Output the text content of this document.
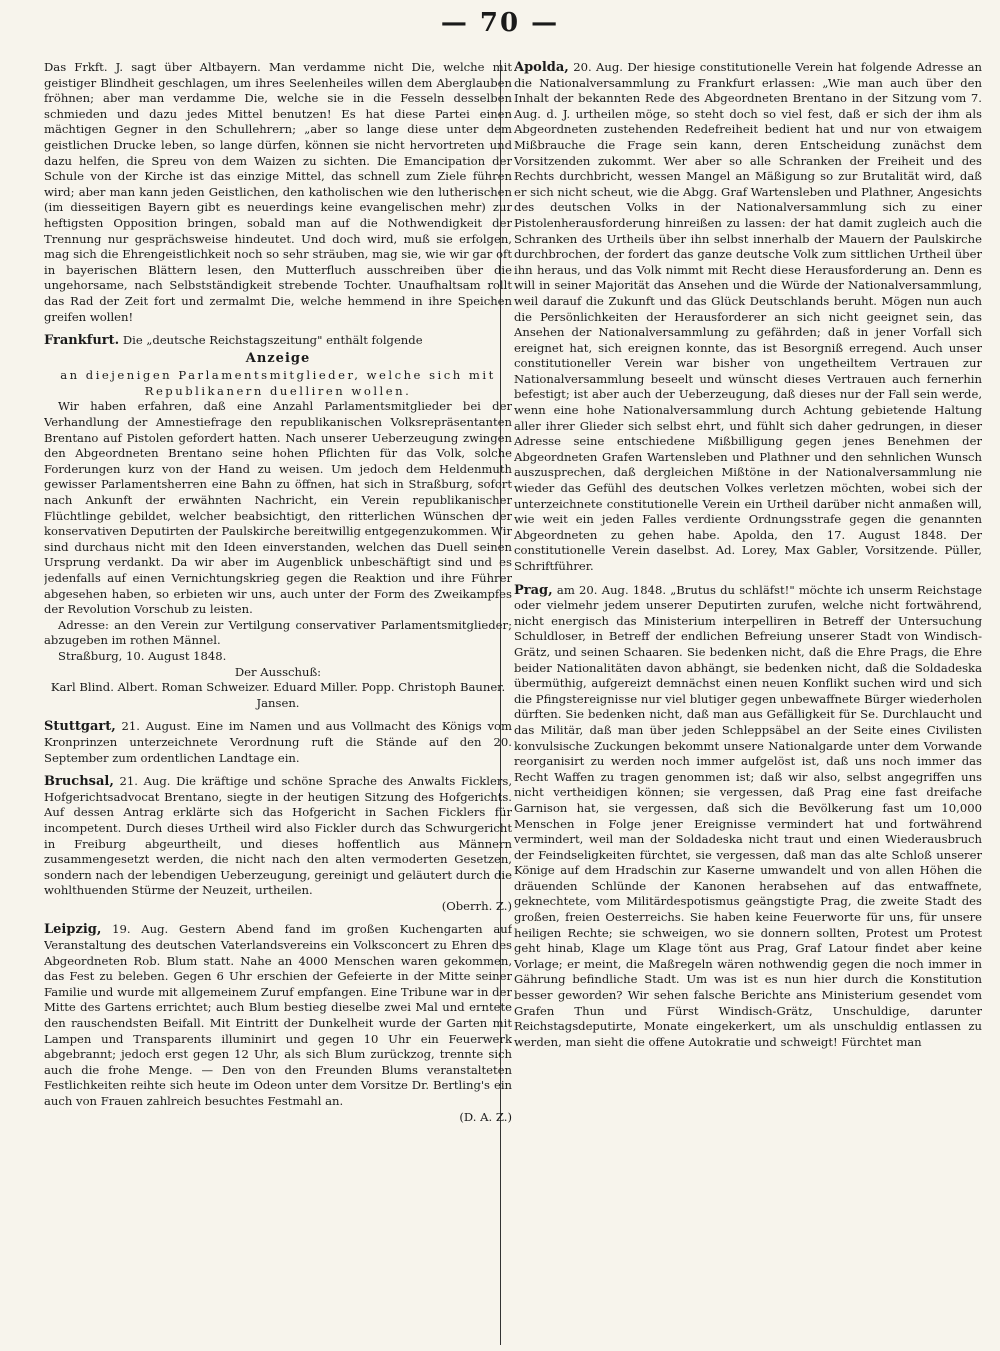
— 70 —

Das Frkft. J. sagt über Altbayern. Man verdamme nicht Die, welche mit geistiger Blindheit geschlagen, um ihres Seelenheiles willen dem Aberglauben fröhnen; aber man verdamme Die, welche sie in die Fesseln desselben schmieden und dazu jedes Mittel benutzen! Es hat diese Partei einen mächtigen Gegner in den Schullehrern; „aber so lange diese unter dem geistlichen Drucke leben, so lange dürfen, können sie nicht hervortreten und dazu helfen, die Spreu von dem Waizen zu sichten. Die Emancipation der Schule von der Kirche ist das einzige Mittel, das schnell zum Ziele führen wird; aber man kann jeden Geistlichen, den katholischen wie den lutherischen (im diesseitigen Bayern gibt es neuerdings keine evangelischen mehr) zur heftigsten Opposition bringen, sobald man auf die Nothwendigkeit der Trennung nur gesprächsweise hindeutet. Und doch wird, muß sie erfolgen, mag sich die Ehrengeistlichkeit noch so sehr sträuben, mag sie, wie wir gar oft in bayerischen Blättern lesen, den Mutterfluch ausschreiben über die ungehorsame, nach Selbstständigkeit strebende Tochter. Unaufhaltsam rollt das Rad der Zeit fort und zermalmt Die, welche hemmend in ihre Speichen greifen wollen!

Frankfurt. Die „deutsche Reichstagszeitung" enthält folgende

Anzeige

an diejenigen Parlamentsmitglieder, welche sich mit Republikanern duelliren wollen.

Wir haben erfahren, daß eine Anzahl Parlamentsmitglieder bei der Verhandlung der Amnestiefrage den republikanischen Volksrepräsentanten Brentano auf Pistolen gefordert hatten. Nach unserer Ueberzeugung zwingen den Abgeordneten Brentano seine hohen Pflichten für das Volk, solche Forderungen kurz von der Hand zu weisen. Um jedoch dem Heldenmuth gewisser Parlamentsherren eine Bahn zu öffnen, hat sich in Straßburg, sofort nach Ankunft der erwähnten Nachricht, ein Verein republikanischer Flüchtlinge gebildet, welcher beabsichtigt, den ritterlichen Wünschen der konservativen Deputirten der Paulskirche bereitwillig entgegenzukommen. Wir sind durchaus nicht mit den Ideen einverstanden, welchen das Duell seinen Ursprung verdankt. Da wir aber im Augenblick unbeschäftigt sind und es jedenfalls auf einen Vernichtungskrieg gegen die Reaktion und ihre Führer abgesehen haben, so erbieten wir uns, auch unter der Form des Zweikampfes der Revolution Vorschub zu leisten.

Adresse: an den Verein zur Vertilgung conservativer Parlamentsmitglieder; abzugeben im rothen Männel.

Straßburg, 10. August 1848.

Der Ausschuß:

Karl Blind. Albert. Roman Schweizer. Eduard Miller. Popp. Christoph Bauner. Jansen.

Stuttgart, 21. August. Eine im Namen und aus Vollmacht des Königs vom Kronprinzen unterzeichnete Verordnung ruft die Stände auf den 20. September zum ordentlichen Landtage ein.

Bruchsal, 21. Aug. Die kräftige und schöne Sprache des Anwalts Ficklers, Hofgerichtsadvocat Brentano, siegte in der heutigen Sitzung des Hofgerichts. Auf dessen Antrag erklärte sich das Hofgericht in Sachen Ficklers für incompetent. Durch dieses Urtheil wird also Fickler durch das Schwurgericht in Freiburg abgeurtheilt, und dieses hoffentlich aus Männern zusammengesetzt werden, die nicht nach den alten vermoderten Gesetzen, sondern nach der lebendigen Ueberzeugung, gereinigt und geläutert durch die wohlthuenden Stürme der Neuzeit, urtheilen.

(Oberrh. Z.)

Leipzig, 19. Aug. Gestern Abend fand im großen Kuchengarten auf Veranstaltung des deutschen Vaterlandsvereins ein Volksconcert zu Ehren des Abgeordneten Rob. Blum statt. Nahe an 4000 Menschen waren gekommen, das Fest zu beleben. Gegen 6 Uhr erschien der Gefeierte in der Mitte seiner Familie und wurde mit allgemeinem Zuruf empfangen. Eine Tribune war in der Mitte des Gartens errichtet; auch Blum bestieg dieselbe zwei Mal und erntete den rauschendsten Beifall. Mit Eintritt der Dunkelheit wurde der Garten mit Lampen und Transparents illuminirt und gegen 10 Uhr ein Feuerwerk abgebrannt; jedoch erst gegen 12 Uhr, als sich Blum zurückzog, trennte sich auch die frohe Menge. — Den von den Freunden Blums veranstalteten Festlichkeiten reihte sich heute im Odeon unter dem Vorsitze Dr. Bertling's ein auch von Frauen zahlreich besuchtes Festmahl an.

(D. A. Z.)

Apolda, 20. Aug. Der hiesige constitutionelle Verein hat folgende Adresse an die Nationalversammlung zu Frankfurt erlassen: „Wie man auch über den Inhalt der bekannten Rede des Abgeordneten Brentano in der Sitzung vom 7. Aug. d. J. urtheilen möge, so steht doch so viel fest, daß er sich der ihm als Abgeordneten zustehenden Redefreiheit bedient hat und nur von etwaigem Mißbrauche die Frage sein kann, deren Entscheidung zunächst dem Vorsitzenden zukommt. Wer aber so alle Schranken der Freiheit und des Rechts durchbricht, wessen Mangel an Mäßigung so zur Brutalität wird, daß er sich nicht scheut, wie die Abgg. Graf Wartensleben und Plathner, Angesichts des deutschen Volks in der Nationalversammlung sich zu einer Pistolenherausforderung hinreißen zu lassen: der hat damit zugleich auch die Schranken des Urtheils über ihn selbst innerhalb der Mauern der Paulskirche durchbrochen, der fordert das ganze deutsche Volk zum sittlichen Urtheil über ihn heraus, und das Volk nimmt mit Recht diese Herausforderung an. Denn es will in seiner Majorität das Ansehen und die Würde der Nationalversammlung, weil darauf die Zukunft und das Glück Deutschlands beruht. Mögen nun auch die Persönlichkeiten der Herausforderer an sich nicht geeignet sein, das Ansehen der Nationalversammlung zu gefährden; daß in jener Vorfall sich ereignet hat, sich ereignen konnte, das ist Besorgniß erregend. Auch unser constitutioneller Verein war bisher von ungetheiltem Vertrauen zur Nationalversammlung beseelt und wünscht dieses Vertrauen auch fernerhin befestigt; ist aber auch der Ueberzeugung, daß dieses nur der Fall sein werde, wenn eine hohe Nationalversammlung durch Achtung gebietende Haltung aller ihrer Glieder sich selbst ehrt, und fühlt sich daher gedrungen, in dieser Adresse seine entschiedene Mißbilligung gegen jenes Benehmen der Abgeordneten Grafen Wartensleben und Plathner und den sehnlichen Wunsch auszusprechen, daß dergleichen Mißtöne in der Nationalversammlung nie wieder das Gefühl des deutschen Volkes verletzen möchten, wobei sich der unterzeichnete constitutionelle Verein ein Urtheil darüber nicht anmaßen will, wie weit ein jeden Falles verdiente Ordnungsstrafe gegen die genannten Abgeordneten zu gehen habe. Apolda, den 17. August 1848. Der constitutionelle Verein daselbst. Ad. Lorey, Max Gabler, Vorsitzende. Püller, Schriftführer.

Prag, am 20. Aug. 1848. „Brutus du schläfst!" möchte ich unserm Reichstage oder vielmehr jedem unserer Deputirten zurufen, welche nicht fortwährend, nicht energisch das Ministerium interpelliren in Betreff der Untersuchung Schuldloser, in Betreff der endlichen Befreiung unserer Stadt von Windisch-Grätz, und seinen Schaaren. Sie bedenken nicht, daß die Ehre Prags, die Ehre beider Nationalitäten davon abhängt, sie bedenken nicht, daß die Soldadeska übermüthig, aufgereizt demnächst einen neuen Konflikt suchen wird und sich die Pfingstereignisse nur viel blutiger gegen unbewaffnete Bürger wiederholen dürften. Sie bedenken nicht, daß man aus Gefälligkeit für Se. Durchlaucht und das Militär, daß man über jeden Schleppsäbel an der Seite eines Civilisten konvulsische Zuckungen bekommt unsere Nationalgarde unter dem Vorwande reorganisirt zu werden noch immer aufgelöst ist, daß uns noch immer das Recht Waffen zu tragen genommen ist; daß wir also, selbst angegriffen uns nicht vertheidigen können; sie vergessen, daß Prag eine fast dreifache Garnison hat, sie vergessen, daß sich die Bevölkerung fast um 10,000 Menschen in Folge jener Ereignisse vermindert hat und fortwährend vermindert, weil man der Soldadeska nicht traut und einen Wiederausbruch der Feindseligkeiten fürchtet, sie vergessen, daß man das alte Schloß unserer Könige auf dem Hradschin zur Kaserne umwandelt und von allen Höhen die dräuenden Schlünde der Kanonen herabsehen auf das entwaffnete, geknechtete, vom Militärdespotismus geängstigte Prag, die zweite Stadt des großen, freien Oesterreichs. Sie haben keine Feuerworte für uns, für unsere heiligen Rechte; sie schweigen, wo sie donnern sollten, Protest um Protest geht hinab, Klage um Klage tönt aus Prag, Graf Latour findet aber keine Vorlage; er meint, die Maßregeln wären nothwendig gegen die noch immer in Gährung befindliche Stadt. Um was ist es nun hier durch die Konstitution besser geworden? Wir sehen falsche Berichte ans Ministerium gesendet vom Grafen Thun und Fürst Windisch-Grätz, Unschuldige, darunter Reichstagsdeputirte, Monate eingekerkert, um als unschuldig entlassen zu werden, man sieht die offene Autokratie und schweigt! Fürchtet man
